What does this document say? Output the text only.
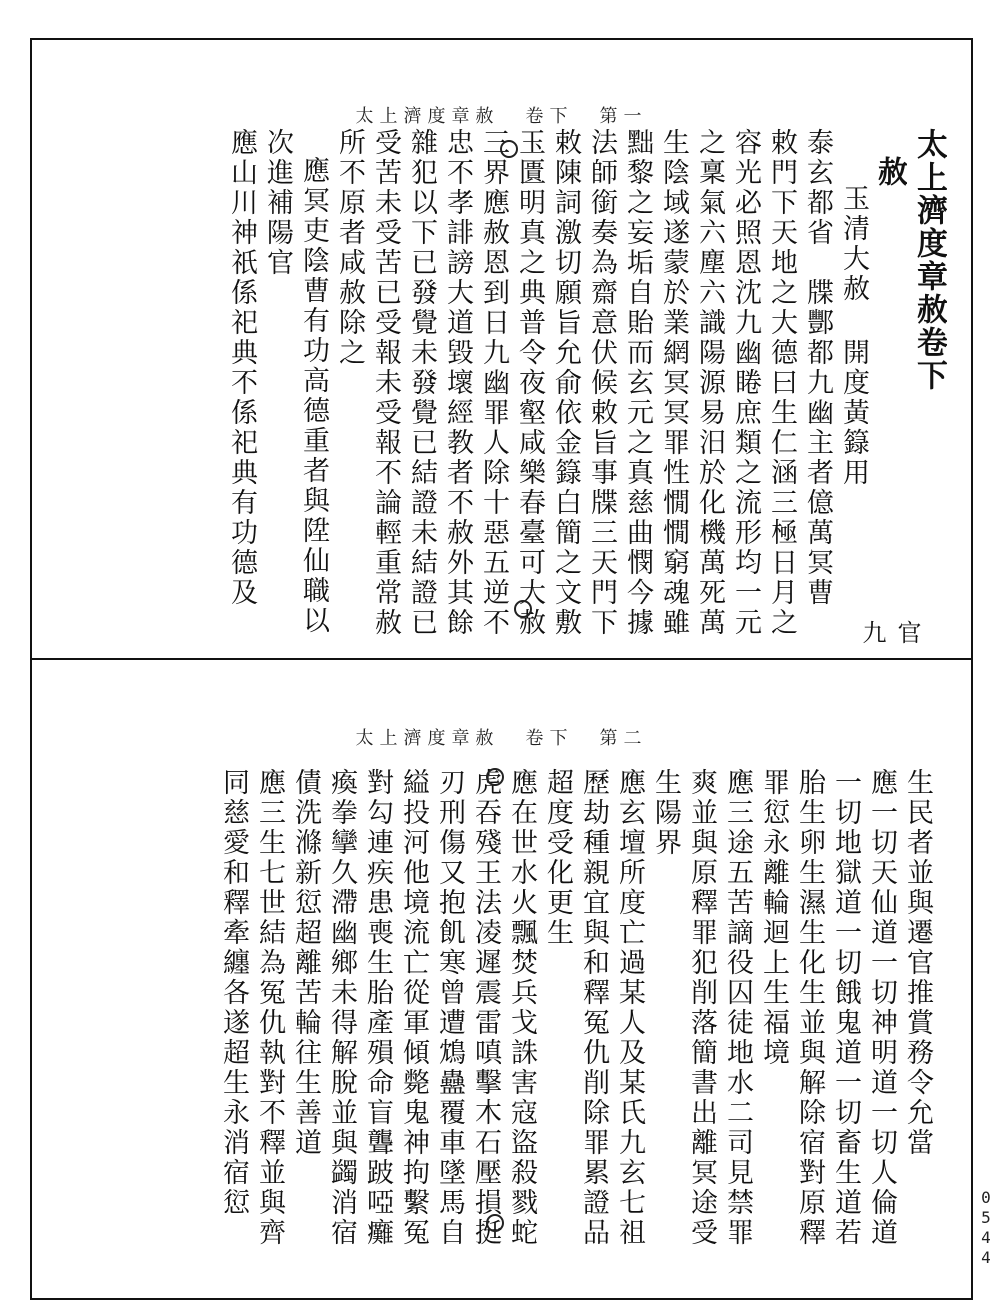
太上濟度章赦 卷下 第一
官九
太上濟度章赦卷下
赦
玉清大赦 開度黃籙用
泰玄都省　牒酆都九幽主者億萬冥曹
敕門下天地之大德曰生仁涵三極日月之
容光必照恩沈九幽睠庶類之流形均一元
之稟氣六塵六識陽源易汨於化機萬死萬
生陰域遂蒙於業網冥冥罪性憪憪窮魂雖
黜黎之妄垢自貽而玄元之真慈曲憫今據
法師銜奏為齋意伏候敕旨事牒三天門下
敕陳詞激切願旨允俞依金籙白簡之文敷
玉匱明真之典普令夜壑咸樂春臺可大赦
三界應赦恩到日九幽罪人除十惡五逆不
忠不孝誹謗大道毀壞經教者不赦外其餘
雜犯以下已發覺未發覺已結證未結證已
受苦未受苦已受報未受報不論輕重常赦
所不原者咸赦除之
應冥吏陰曹有功高德重者與陞仙職以
次進補陽官
應山川神祇係祀典不係祀典有功德及
太上濟度章赦 卷下 第二
生民者並與遷官推賞務令允當
應一切天仙道一切神明道一切人倫道
一切地獄道一切餓鬼道一切畜生道若
胎生卵生濕生化生並與解除宿對原釋
罪愆永離輪迴上生福境
應三途五苦謫役囚徒地水二司見禁罪
爽並與原釋罪犯削落簡書出離冥途受
生陽界
應玄壇所度亡過某人及某氏九玄七祖
歷劫種親宜與和釋冤仇削除罪累證品
超度受化更生
應在世水火飄焚兵戈誅害寇盜殺戮蛇
虎吞殘王法凌遲震雷嗔擊木石壓損挺
刃刑傷又抱飢寒曾遭鴆蠱覆車墜馬自
縊投河他境流亡從軍傾斃鬼神拘繫冤
對勾連疾患喪生胎產殞命盲聾跛啞癱
瘓拳攣久滯幽鄉未得解脫並與蠲消宿
債洗滌新愆超離苦輪往生善道
應三生七世結為冤仇執對不釋並與齊
同慈愛和釋牽纏各遂超生永消宿愆	0
5
4
4
